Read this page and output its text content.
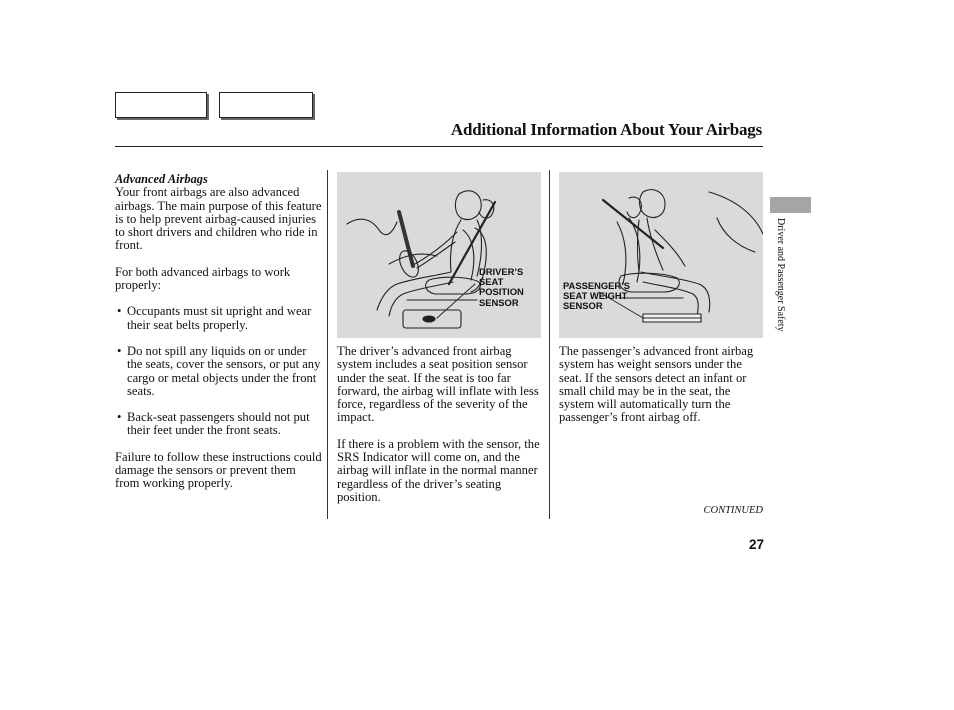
Additional Information About Your Airbags

Advanced Airbags

Your front airbags are also advanced airbags. The main purpose of this feature is to help prevent airbag-caused injuries to short drivers and children who ride in front.

For both advanced airbags to work properly:

• Occupants must sit upright and wear their seat belts properly.

• Do not spill any liquids on or under the seats, cover the sensors, or put any cargo or metal objects under the front seats.

• Back-seat passengers should not put their feet under the front seats.

Failure to follow these instructions could damage the sensors or prevent them from working properly.

DRIVER’S
SEAT
POSITION
SENSOR
PASSENGER’S
SEAT WEIGHT
SENSOR

The driver’s advanced front airbag system includes a seat position sensor under the seat. If the seat is too far forward, the airbag will inflate with less force, regardless of the severity of the impact.

If there is a problem with the sensor, the SRS Indicator will come on, and the airbag will inflate in the normal manner regardless of the driver’s seating position.

The passenger’s advanced front airbag system has weight sensors under the seat. If the sensors detect an infant or small child may be in the seat, the system will automatically turn the passenger’s front airbag off.

CONTINUED
27
Driver and Passenger Safety
